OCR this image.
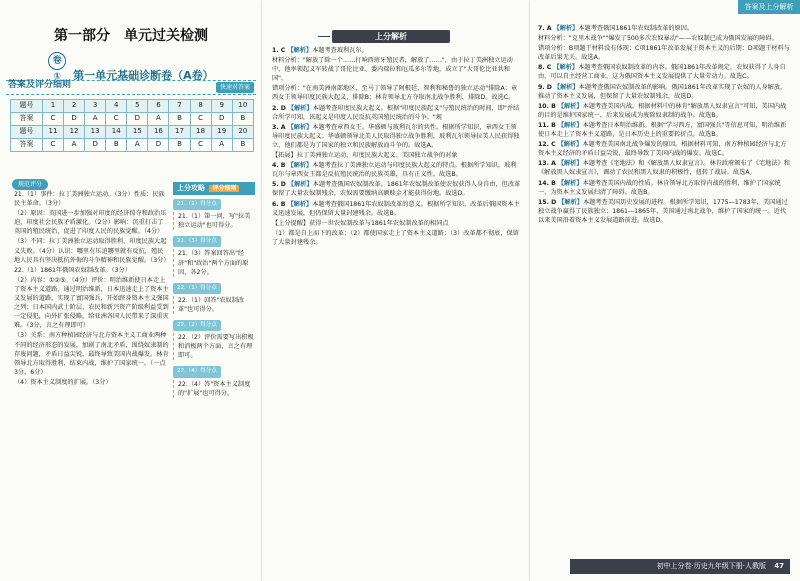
第一部分　单元过关检测
卷① 第一单元基础诊断卷（A卷）
答案及评分细则	快速对答案
题号	1	2	3	4	5	6	7	8	9	10
答案	C	D	A	C	D	A	B	C	D	B
题号	11	12	13	14	15	16	17	18	19	20
答案	C	A	D	B	A	D	B	C	A	B
规范评分

21.（1）事件：拉丁美洲独立运动。（3分）性质：民族民主革命。（3分）

（2）原因：英国进一步加强对印度的经济掠夺和政治压迫，印度社会民族矛盾激化。（2分）影响：沉重打击了英国的殖民统治，促进了印度人民的民族觉醒。（4分）

（3）不同：拉丁美洲独立运动取得胜利，印度民族大起义失败。（4分）认识：哪里有压迫哪里就有反抗，殖民地人民具有坚决抵抗外侮的斗争精神和民族觉醒。（3分）

22.（1）1861年俄国农奴制改革。（3分）

（2）内容：①②⑤。（4分）评价：明治维新使日本走上了资本主义道路，通过明治维新，日本迅速走上了资本主义发展的道路，实现了富国强兵，开始跻身资本主义强国之列；日本国内武士阶层、农民和新兴资产阶级利益受到一定侵犯，向外扩张侵略，给亚洲各国人民带来了深重灾难。（3分，言之有理即可）

（3）关系：南方种植园经济与北方资本主义工商业两种不同的经济形态的发展，加剧了南北矛盾，围绕奴隶制的存废问题，矛盾日益尖锐，最终导致美国内战爆发。林肯领导北方取得胜利，结束内战，维护了国家统一。（一点3分，6分）

（4）资本主义制度的扩展。（3分）

上分攻略 评分细则
21.（1）得分点

21.（1）第一问，写"拉美独立运动"也可得分。

21.（3）得分点

21.（3）答案回答出"经济"和"政治"两个方面的原因，各2分。

22.（1）得分点

22.（1）回答"农奴制改革"也可得分。

22.（2）得分点

22.（2）评价需要写出积极和消极两个方面，言之有理即可。

22.（4）得分点

22.（4）答"资本主义制度的"扩展"也可得分。

上分解析

1. C 【解析】本题考查玻利瓦尔。

材料分析："解放了除一个……打响西班牙殖民者，解放了……"，由于拉丁美洲独立运动中，他率领起义军转战了哥伦比亚、委内瑞拉和厄瓜多尔等地，成立了"大哥伦比亚共和国"。

错项分析："在南美洲南部地区，至马丁领导了阿根廷、智利和秘鲁的独立运动"排除A；章西女王领导印度民族大起义，排除B；林肯领导北方夺取南北战争胜利，排除D。故选C。

2. D 【解析】本题考查印度民族大起义。根据"印度民族起义"与殖民统治的时间，即"并结合所学可知，该起义是印度人民反抗英国殖民统治的斗争。"规

3. A 【解析】本题考查章西女王。华盛顿与玻利瓦尔的共性。根据所学知识，章西女王领导印度民族大起义；华盛顿领导北美人民取得独立战争胜利，玻利瓦尔领导拉美人民获得独立，他们都是为了国家的独立和民族解放而斗争的。故选A。

【拓展】拉丁美洲独立运动、印度民族大起义、美国独立战争的对象

4. B 【解析】本题考查拉丁美洲独立运动与印度民族大起义的特点。根据所学知识，玻利瓦尔与章西女王都是反抗殖民统治的民族英雄，具有正义性。故选B。

5. D 【解析】本题考查俄国农奴制改革。1861年农奴制改革使农奴获得人身自由，但改革保留了大量农奴制残余，农奴需要缴纳高额赎金才能获得份地。故选D。

6. B 【解析】本题考查俄国1861年农奴制改革的意义。根据所学知识，改革后俄国资本主义迅速发展，但仍保留大量封建残余。故选B。

【上分提醒】获得一世农奴制改革与1861年农奴制改革的相同点

（1）都是自上而下的改革；（2）都使国家走上了资本主义道路；（3）改革都不彻底，保留了大量封建残余。

答案及上分解析

7. A 【解析】本题考查俄国1861年农奴制改革的原因。

材料分析："克里木战争""爆发了500多次农奴暴动"——农奴制已成为俄国发展的障碍。

错项分析：B项题干材料没有体现；C项1861年改革发展于资本主义的后期；D项题干材料与改革后果无关。故选A。

8. C 【解析】本题考查俄国农奴制改革的内容。俄国1861年改革规定，农奴获得了人身自由，可以自主经营工商业，这为俄国资本主义发展提供了大量劳动力。故选C。

9. D 【解析】本题考查俄国农奴制改革的影响。俄国1861年改革实现了农奴的人身解放，推动了资本主义发展，但保留了大量农奴制残余，故选D。

10. B 【解析】本题考查美国内战。根据材料中的林肯"解放黑人奴隶宣言"可知，美国内战的目的是维护国家统一，后来发展成为废除奴隶制的战争。故选B。

11. B 【解析】本题考查日本明治维新。根据"学习西方，富国强兵"等信息可知，明治维新使日本走上了资本主义道路，是日本历史上的重要转折点。故选B。

12. C 【解析】本题考查美国南北战争爆发的原因。根据材料可知，南方种植园经济与北方资本主义经济的矛盾日益尖锐，最终导致了美国内战的爆发。故选C。

13. A 【解析】本题考查《宅地法》和《解放黑人奴隶宣言》。林肯政府颁布了《宅地法》和《解放黑人奴隶宣言》，调动了农民和黑人奴隶的积极性，扭转了战局。故选A。

14. B 【解析】本题考查美国内战的性质。林肯领导北方取得内战的胜利，维护了国家统一，为资本主义发展扫清了障碍。故选B。

15. D 【解析】本题考查美国历史发展的进程。根据所学知识，1775—1783年，美国通过独立战争赢得了民族独立；1861—1865年，美国通过南北战争，维护了国家的统一。近代以来美国沿着资本主义发展道路前进。故选D。

初中上分卷·历史九年级下册·人教版 47
